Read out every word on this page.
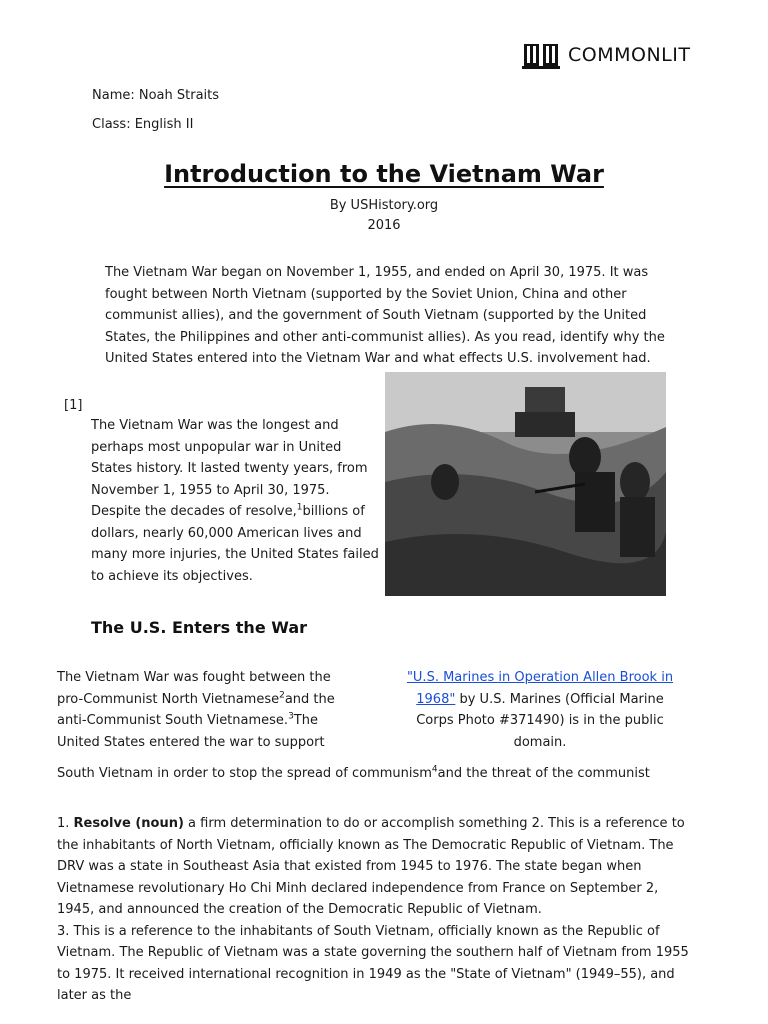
COMMONLIT
Name: Noah Straits
Class: English II
Introduction to the Vietnam War
By USHistory.org
2016
The Vietnam War began on November 1, 1955, and ended on April 30, 1975. It was fought between North Vietnam (supported by the Soviet Union, China and other communist allies), and the government of South Vietnam (supported by the United States, the Philippines and other anti-communist allies). As you read, identify why the United States entered into the Vietnam War and what effects U.S. involvement had.
[1]
The Vietnam War was the longest and perhaps most unpopular war in United States history. It lasted twenty years, from November 1, 1955 to April 30, 1975. Despite the decades of resolve,$^1$billions of dollars, nearly 60,000 American lives and many more injuries, the United States failed to achieve its objectives.
The U.S. Enters the War
The Vietnam War was fought between the pro-Communist North Vietnamese$^2$and the anti-Communist South Vietnamese.$^3$The United States entered the war to support
"U.S. Marines in Operation Allen Brook in 1968" by U.S. Marines (Official Marine Corps Photo #371490) is in the public domain.
South Vietnam in order to stop the spread of communism$^4$and the threat of the communist
1. Resolve (noun) a firm determination to do or accomplish something 2. This is a reference to the inhabitants of North Vietnam, officially known as The Democratic Republic of Vietnam. The DRV was a state in Southeast Asia that existed from 1945 to 1976. The state began when Vietnamese revolutionary Ho Chi Minh declared independence from France on September 2, 1945, and announced the creation of the Democratic Republic of Vietnam.
3. This is a reference to the inhabitants of South Vietnam, officially known as the Republic of Vietnam. The Republic of Vietnam was a state governing the southern half of Vietnam from 1955 to 1975. It received international recognition in 1949 as the "State of Vietnam" (1949–55), and later as the
